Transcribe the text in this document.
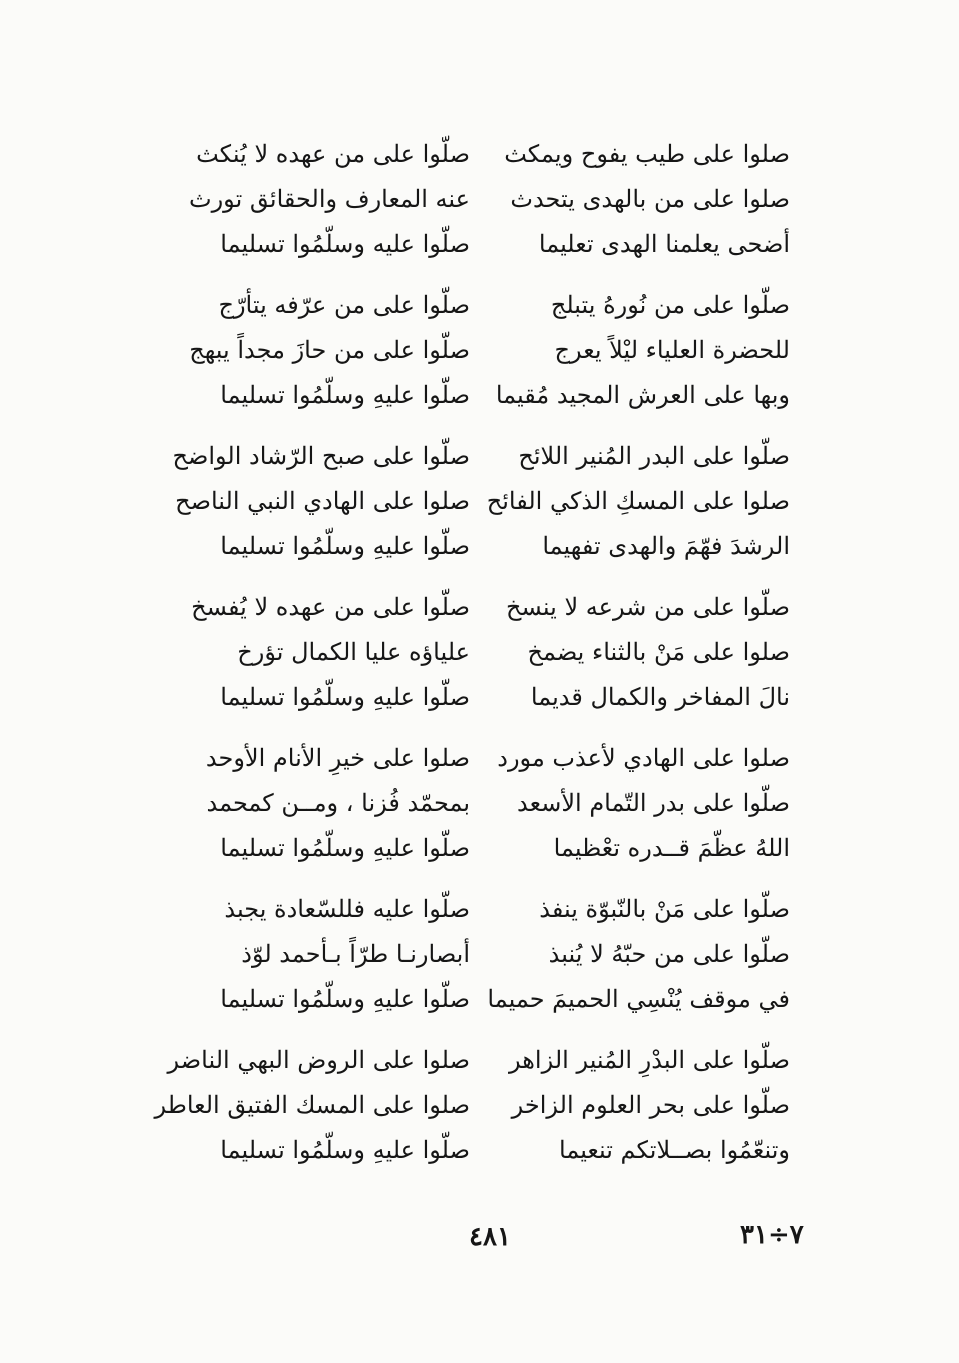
صلوا على طيب يفوح ويمكث
صلّوا على من عهده لا يُنكث
صلوا على من بالهدى يتحدث
عنه المعارف والحقائق تورث
أضحى يعلمنا الهدى تعليما
صلّوا عليه وسلّمُوا تسليما
صلّوا على من نُورهُ يتبلج
صلّوا على من عرّفه يتأرّج
للحضرة العلياء ليْلاً يعرج
صلّوا على من حازَ مجداً يبهج
وبها على العرش المجيد مُقيما
صلّوا عليهِ وسلّمُوا تسليما
صلّوا على البدر المُنير اللائح
صلّوا على صبح الرّشاد الواضح
صلوا على المسكِ الذكي الفائح
صلوا على الهادي النبي الناصح
الرشدَ فهّمَ والهدى تفهيما
صلّوا عليهِ وسلّمُوا تسليما
صلّوا على من شرعه لا ينسخ
صلّوا على من عهده لا يُفسخ
صلوا على مَنْ بالثناء يضمخ
علياؤه عليا الكمال تؤرخ
نالَ المفاخر والكمال قديما
صلّوا عليهِ وسلّمُوا تسليما
صلوا على الهادي لأعذب مورد
صلوا على خيرِ الأنام الأوحد
صلّوا على بدر التّمام الأسعد
بمحمّد فُزنا ، ومــن كمحمد
اللهُ عظّمَ قــدره تعْظيما
صلّوا عليهِ وسلّمُوا تسليما
صلّوا على مَنْ بالنّبوّة ينفذ
صلّوا عليه فللسّعادة يجبذ
صلّوا على من حبّهُ لا يُنبذ
أبصارنـا طرّاً بـأحمد لوّذ
في موقف يُنْسِي الحميمَ حميما
صلّوا عليهِ وسلّمُوا تسليما
صلّوا على البدْرِ المُنير الزاهر
صلوا على الروض البهي الناضر
صلّوا على بحر العلوم الزاخر
صلوا على المسك الفتيق العاطر
وتنعّمُوا بصــلاتكم تنعيما
صلّوا عليهِ وسلّمُوا تسليما
٤٨١	٧÷٣١
